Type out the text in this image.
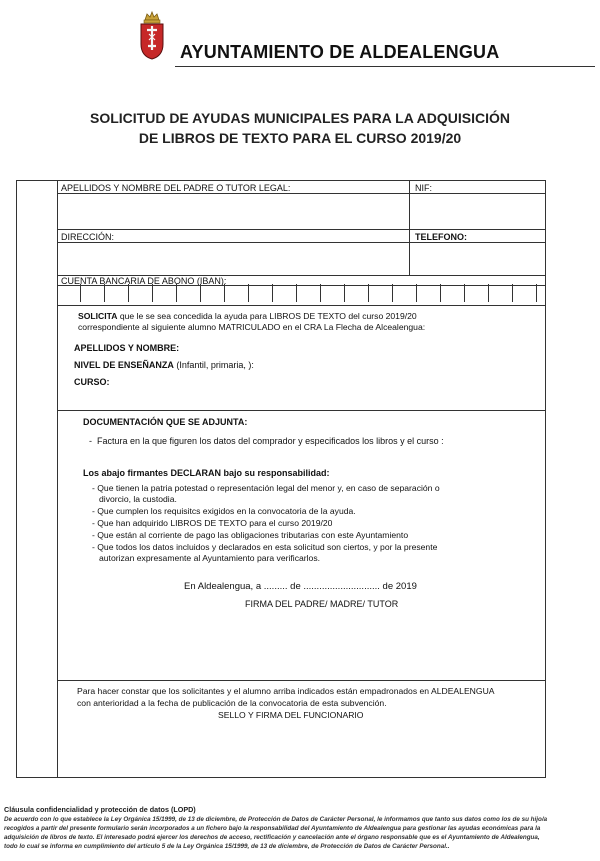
AYUNTAMIENTO DE ALDEALENGUA
SOLICITUD DE AYUDAS MUNICIPALES PARA LA ADQUISICIÓN
DE LIBROS DE TEXTO PARA EL CURSO 2019/20
APELLIDOS Y NOMBRE DEL PADRE O TUTOR LEGAL:	NIF:
DIRECCIÓN:	TELEFONO:
CUENTA BANCARIA DE ABONO (IBAN):
SOLICITA que le se sea concedida la ayuda para LIBROS DE TEXTO del curso 2019/20
correspondiente al siguiente alumno MATRICULADO en el CRA La Flecha de Alcealengua:
APELLIDOS Y NOMBRE:
NIVEL DE ENSEÑANZA (Infantil, primaria, ):
CURSO:
DOCUMENTACIÓN QUE SE ADJUNTA:
-  Factura en la que figuren los datos del comprador y especificados los libros y el curso :
Los abajo firmantes DECLARAN bajo su responsabilidad:
- Que tienen la patria potestad o representación legal del menor y, en caso de separación o
divorcio, la custodia.
- Que cumplen los requisitcs exigidos en la convocatoria de la ayuda.
- Que han adquirido LIBROS DE TEXTO para el curso 2019/20
- Que están al corriente de pago las obligaciones tributarias con este Ayuntamiento
- Que todos los datos incluidos y declarados en esta solicitud son ciertos, y por la presente
autorizan expresamente al Ayuntamiento para verificarlos.
En Aldealengua, a ......... de ............................. de 2019
FIRMA DEL PADRE/ MADRE/ TUTOR
Para hacer constar que los solicitantes y el alumno arriba indicados están empadronados en ALDEALENGUA
con anterioridad a la fecha de publicación de la convocatoria de esta subvención.
SELLO Y FIRMA DEL FUNCIONARIO
Cláusula confidencialidad y protección de datos (LOPD)
De acuerdo con lo que establece la Ley Orgánica 15/1999, de 13 de diciembre, de Protección de Datos de Carácter Personal, le informamos que tanto sus datos como los de su hijo/a
recogidos a partir del presente formulario serán incorporados a un fichero bajo la responsabilidad del Ayuntamiento de Aldealengua para gestionar las ayudas económicas para la
adquisición de libros de texto. El interesado podrá ejercer los derechos de acceso, rectificación y cancelación ante el órgano responsable que es el Ayuntamiento de Aldealengua,
todo lo cual se informa en cumplimiento del artículo 5 de la Ley Orgánica 15/1999, de 13 de diciembre, de Protección de Datos de Carácter Personal..
